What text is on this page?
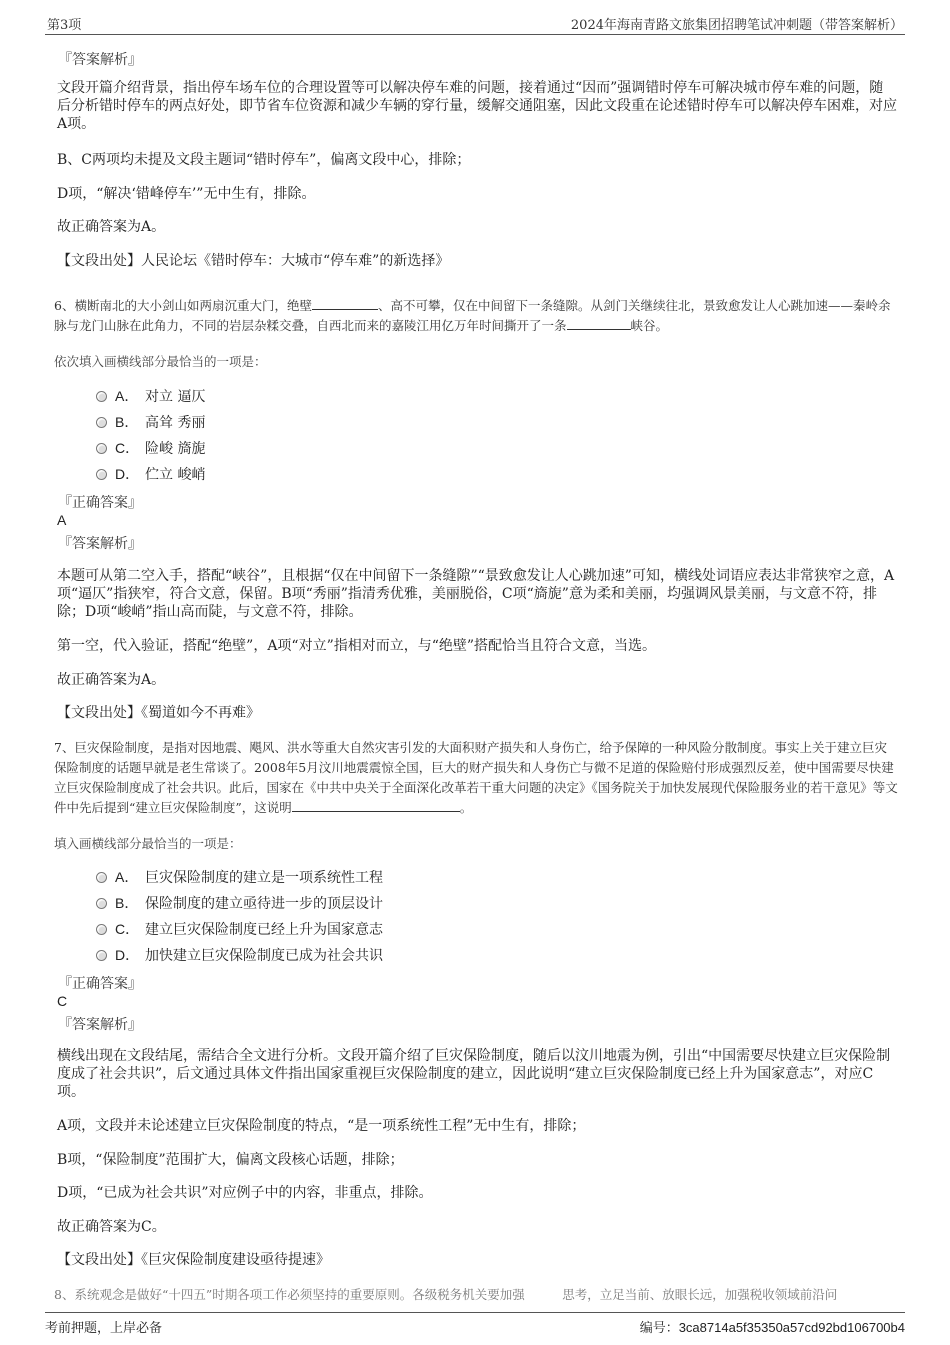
第3项	2024年海南青路文旅集团招聘笔试冲刺题（带答案解析）
『答案解析』

文段开篇介绍背景，指出停车场车位的合理设置等可以解决停车难的问题，接着通过“因而”强调错时停车可解决城市停车难的问题，随后分析错时停车的两点好处，即节省车位资源和减少车辆的穿行量，缓解交通阻塞，因此文段重在论述错时停车可以解决停车困难，对应A项。

B、C两项均未提及文段主题词“错时停车”，偏离文段中心，排除；
D项，“解决‘错峰停车’”无中生有，排除。
故正确答案为A。
【文段出处】人民论坛《错时停车：大城市“停车难”的新选择》
6、横断南北的大小剑山如两扇沉重大门，绝壁	、高不可攀，仅在中间留下一条缝隙。从剑门关继续往北，景致愈发让人心跳加速——秦岭余脉与龙门山脉在此角力，不同的岩层杂糅交叠，自西北而来的嘉陵江用亿万年时间撕开了一条	峡谷。
依次填入画横线部分最恰当的一项是：
A． 对立 逼仄
B． 高耸 秀丽
C． 险峻 旖旎
D． 伫立 峻峭
『正确答案』
A
『答案解析』
本题可从第二空入手，搭配“峡谷”，且根据“仅在中间留下一条缝隙”“景致愈发让人心跳加速”可知，横线处词语应表达非常狭窄之意，A项“逼仄”指狭窄，符合文意，保留。B项“秀丽”指清秀优雅，美丽脱俗，C项“旖旎”意为柔和美丽，均强调风景美丽，与文意不符，排除；D项“峻峭”指山高而陡，与文意不符，排除。
第一空，代入验证，搭配“绝壁”，A项“对立”指相对而立，与“绝壁”搭配恰当且符合文意，当选。
故正确答案为A。
【文段出处】《蜀道如今不再难》
7、巨灾保险制度，是指对因地震、飓风、洪水等重大自然灾害引发的大面积财产损失和人身伤亡，给予保障的一种风险分散制度。事实上关于建立巨灾保险制度的话题早就是老生常谈了。2008年5月汶川地震震惊全国，巨大的财产损失和人身伤亡与微不足道的保险赔付形成强烈反差，使中国需要尽快建立巨灾保险制度成了社会共识。此后，国家在《中共中央关于全面深化改革若干重大问题的决定》《国务院关于加快发展现代保险服务业的若干意见》等文件中先后提到“建立巨灾保险制度”，这说明	。
填入画横线部分最恰当的一项是：
A． 巨灾保险制度的建立是一项系统性工程
B． 保险制度的建立亟待进一步的顶层设计
C． 建立巨灾保险制度已经上升为国家意志
D． 加快建立巨灾保险制度已成为社会共识
『正确答案』
C
『答案解析』
横线出现在文段结尾，需结合全文进行分析。文段开篇介绍了巨灾保险制度，随后以汶川地震为例，引出“中国需要尽快建立巨灾保险制度成了社会共识”，后文通过具体文件指出国家重视巨灾保险制度的建立，因此说明“建立巨灾保险制度已经上升为国家意志”，对应C项。
A项，文段并未论述建立巨灾保险制度的特点，“是一项系统性工程”无中生有，排除；
B项，“保险制度”范围扩大，偏离文段核心话题，排除；
D项，“已成为社会共识”对应例子中的内容，非重点，排除。
故正确答案为C。
【文段出处】《巨灾保险制度建设亟待提速》
8、系统观念是做好“十四五”时期各项工作必须坚持的重要原则。各级税务机关要加强　　　思考，立足当前、放眼长远，加强税收领域前沿问
考前押题，上岸必备	编号：3ca8714a5f35350a57cd92bd106700b4
